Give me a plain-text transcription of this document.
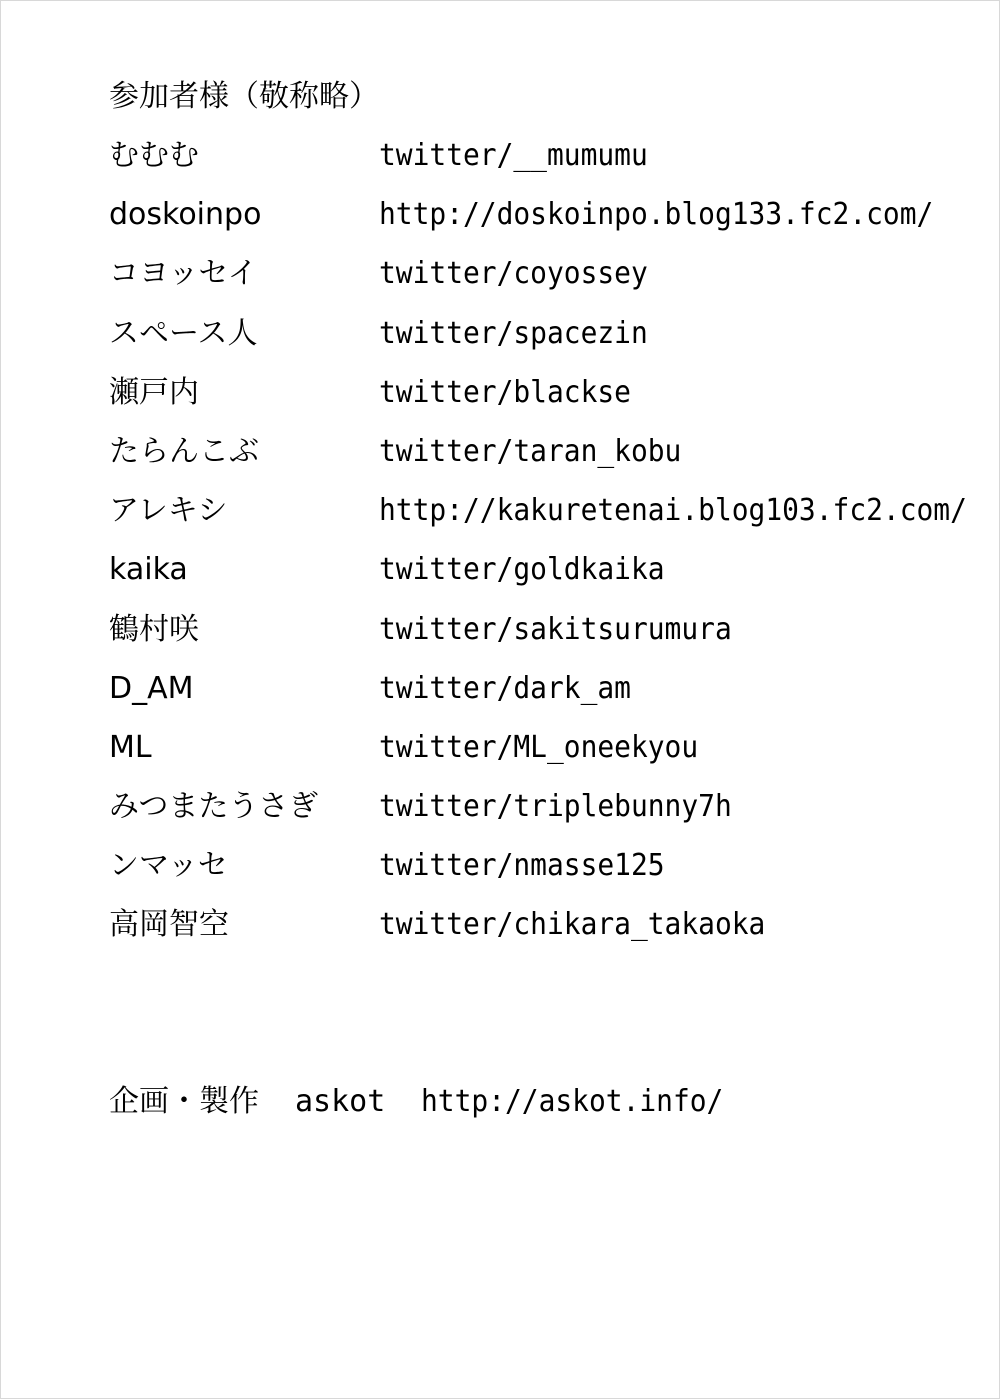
参加者様（敬称略）
むむむ	twitter/__mumumu
doskoinpo	http://doskoinpo.blog133.fc2.com/
コヨッセイ	twitter/coyossey
スペース人	twitter/spacezin
瀬戸内	twitter/blackse
たらんこぶ	twitter/taran_kobu
アレキシ	http://kakuretenai.blog103.fc2.com/
kaika	twitter/goldkaika
鶴村咲	twitter/sakitsurumura
D_AM	twitter/dark_am
ML	twitter/ML_oneekyou
みつまたうさぎ twitter/triplebunny7h
ンマッセ	twitter/nmasse125
高岡智空	twitter/chikara_takaoka
企画・製作 askot http://askot.info/
